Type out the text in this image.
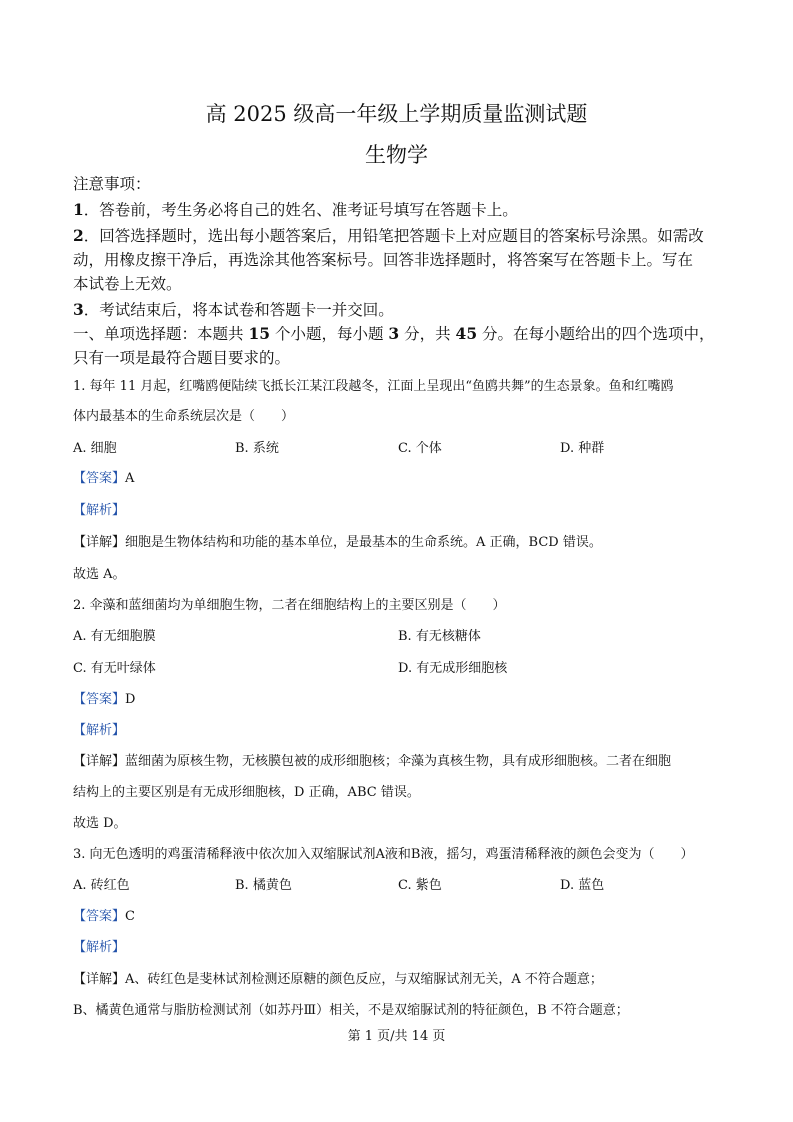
高 2025 级高一年级上学期质量监测试题
生物学
注意事项：
1．答卷前，考生务必将自己的姓名、准考证号填写在答题卡上。
2．回答选择题时，选出每小题答案后，用铅笔把答题卡上对应题目的答案标号涂黑。如需改
动，用橡皮擦干净后，再选涂其他答案标号。回答非选择题时，将答案写在答题卡上。写在
本试卷上无效。
3．考试结束后，将本试卷和答题卡一并交回。
一、单项选择题：本题共 15 个小题，每小题 3 分，共 45 分。在每小题给出的四个选项中，
只有一项是最符合题目要求的。
1. 每年 11 月起，红嘴鸥便陆续飞抵长江某江段越冬，江面上呈现出“鱼鸥共舞”的生态景象。鱼和红嘴鸥
体内最基本的生命系统层次是（　　）
A. 细胞	B. 系统	C. 个体	D. 种群
【答案】A
【解析】
【详解】细胞是生物体结构和功能的基本单位，是最基本的生命系统。A 正确，BCD 错误。
故选 A。
2. 伞藻和蓝细菌均为单细胞生物，二者在细胞结构上的主要区别是（　　）
A. 有无细胞膜	B. 有无核糖体
C. 有无叶绿体	D. 有无成形细胞核
【答案】D
【解析】
【详解】蓝细菌为原核生物，无核膜包被的成形细胞核；伞藻为真核生物，具有成形细胞核。二者在细胞
结构上的主要区别是有无成形细胞核，D 正确，ABC 错误。
故选 D。
3. 向无色透明的鸡蛋清稀释液中依次加入双缩脲试剂A液和B液，摇匀，鸡蛋清稀释液的颜色会变为（　　）
A. 砖红色	B. 橘黄色	C. 紫色	D. 蓝色
【答案】C
【解析】
【详解】A、砖红色是斐林试剂检测还原糖的颜色反应，与双缩脲试剂无关，A 不符合题意；
B、橘黄色通常与脂肪检测试剂（如苏丹Ⅲ）相关，不是双缩脲试剂的特征颜色，B 不符合题意；
第 1 页/共 14 页
